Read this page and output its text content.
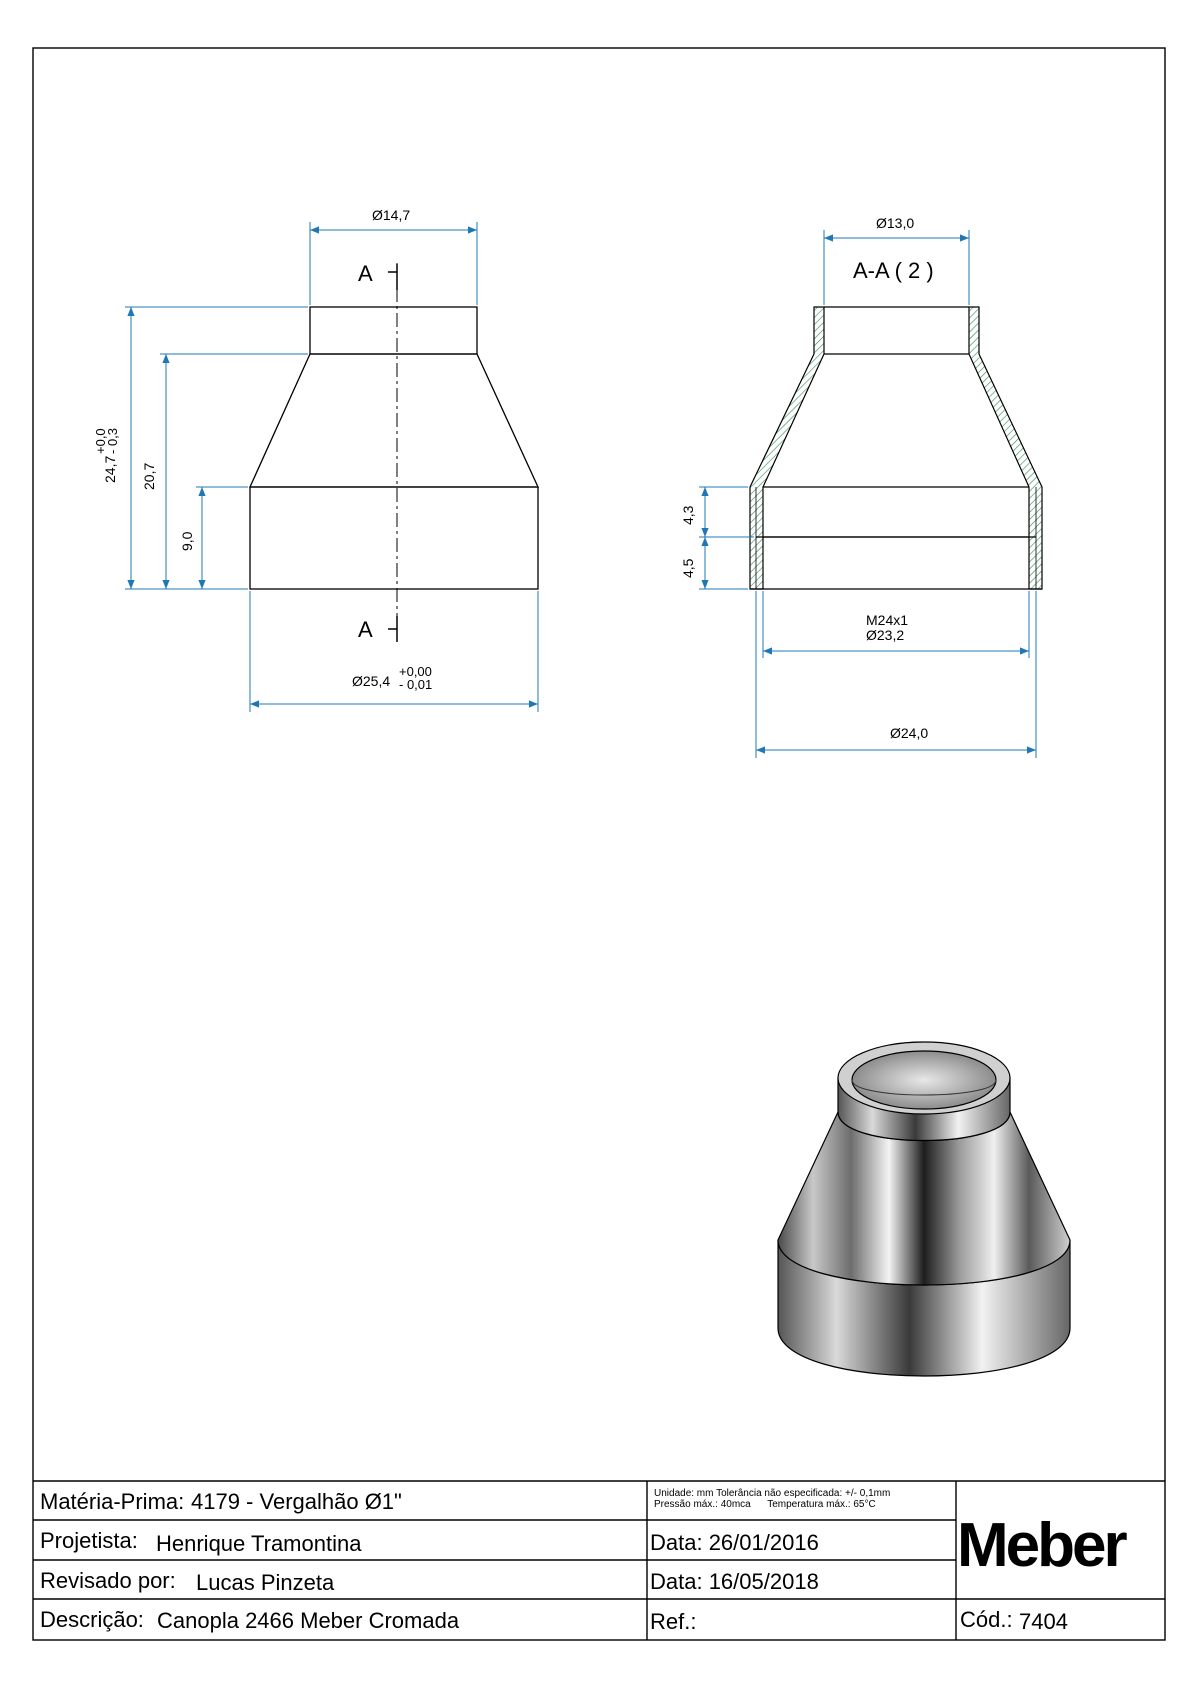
A
A
Ø14,7
24,7
+0,0
- 0,3
20,7
9,0
Ø25,4
+0,00
- 0,01
A-A ( 2 )
Ø13,0
4,3
4,5
M24x1
Ø23,2
Ø24,0
Matéria-Prima: 4179 - Vergalhão Ø1"
Projetista: Henrique Tramontina
Revisado por: Lucas Pinzeta
Descrição: Canopla 2466 Meber Cromada
Unidade: mm Tolerância não especificada: +/- 0,1mm
Pressão máx.: 40mca      Temperatura máx.: 65°C
Data: 26/01/2016
Data: 16/05/2018
Ref.:
Meber
Cód.: 7404
